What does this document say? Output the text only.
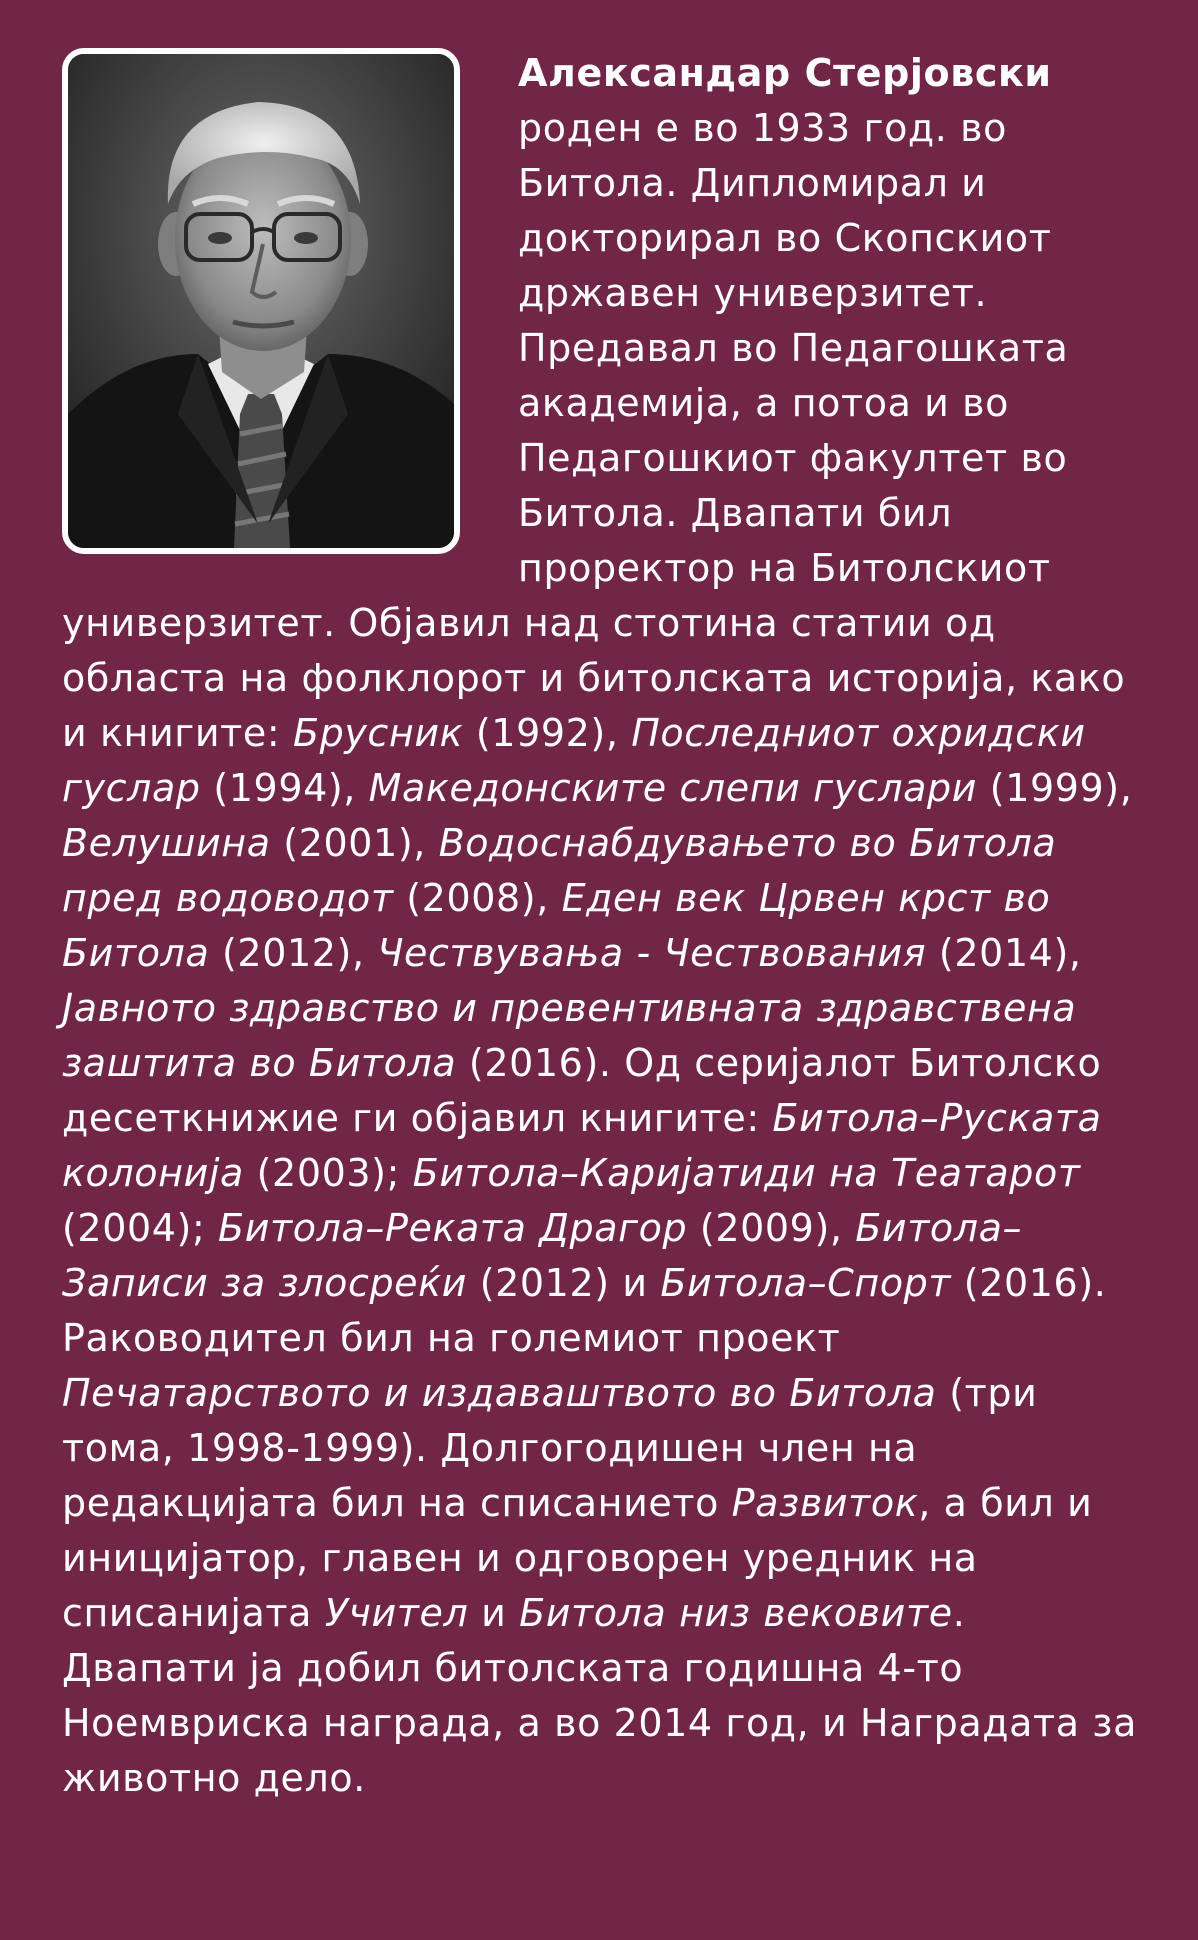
Александар Стерјовски роден е во 1933 год. во Битола. Дипломирал и докторирал во Скопскиот државен универзитет. Предавал во Педагошката академија, а потоа и во Педагошкиот факултет во Битола. Двапати бил проректор на Битолскиот универзитет. Објавил над стотина статии од областа на фолклорот и битолската историја, како и книгите: Брусник (1992), Последниот охридски гуслар (1994), Македонските слепи гуслари (1999), Велушина (2001), Водоснабдувањето во Битола пред водоводот (2008), Еден век Црвен крст во Битола (2012), Чествувања - Чествования (2014), Јавното здравство и превентивната здравствена заштита во Битола (2016). Од серијалот Битолско десеткнижие ги објавил книгите: Битола–Руската колонија (2003); Битола–Каријатиди на Театарот (2004); Битола–Реката Драгор (2009), Битола–Записи за злосреќи (2012) и Битола–Спорт (2016). Раководител бил на големиот проект Печатарството и издаваштвото во Битола (три тома, 1998-1999). Долгогодишен член на редакцијата бил на списанието Развиток, а бил и иницијатор, главен и одговорен уредник на списанијата Учител и Битола низ вековите. Двапати ја добил битолската годишна 4-то Ноемвриска награда, а во 2014 год, и Наградата за животно дело.
